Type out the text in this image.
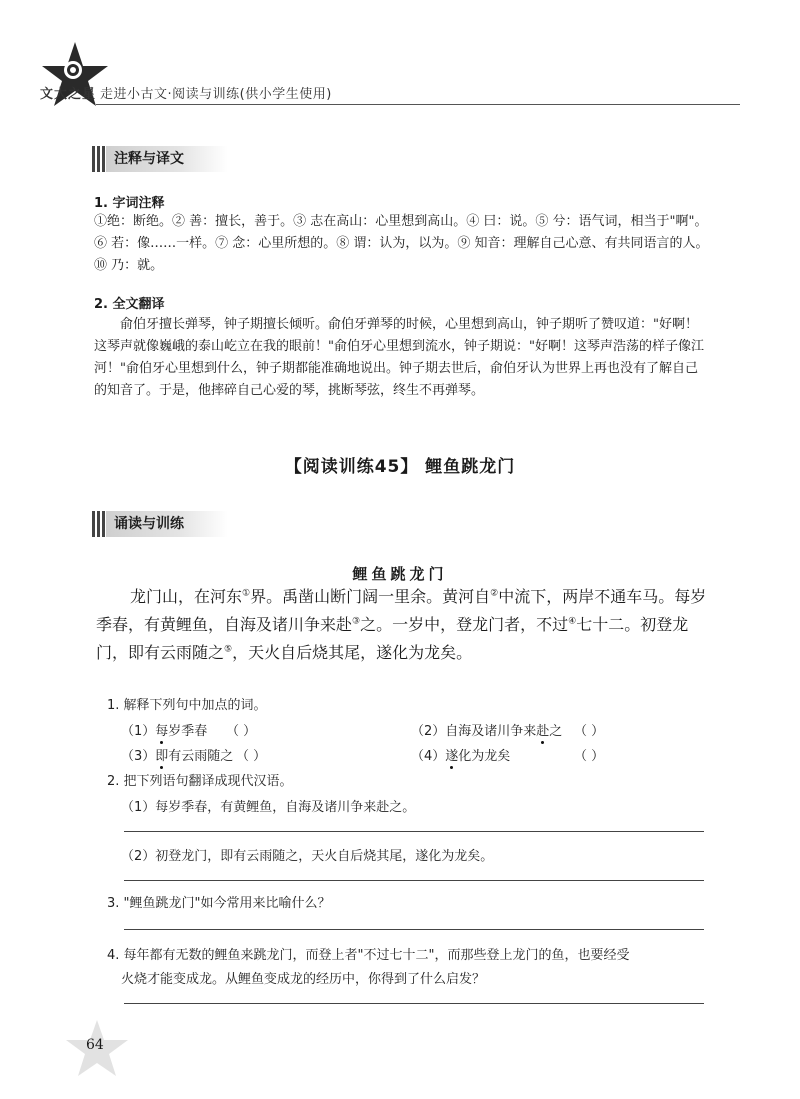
文大之星 走进小古文·阅读与训练(供小学生使用)
注释与译文
1. 字词注释
①绝：断绝。② 善：擅长，善于。③ 志在高山：心里想到高山。④ 曰：说。⑤ 兮：语气词，相当于"啊"。⑥ 若：像……一样。⑦ 念：心里所想的。⑧ 谓：认为，以为。⑨ 知音：理解自己心意、有共同语言的人。⑩ 乃：就。
2. 全文翻译
俞伯牙擅长弹琴，钟子期擅长倾听。俞伯牙弹琴的时候，心里想到高山，钟子期听了赞叹道："好啊！这琴声就像巍峨的泰山屹立在我的眼前！"俞伯牙心里想到流水，钟子期说："好啊！这琴声浩荡的样子像江河！"俞伯牙心里想到什么，钟子期都能准确地说出。钟子期去世后，俞伯牙认为世界上再也没有了解自己的知音了。于是，他摔碎自己心爱的琴，挑断琴弦，终生不再弹琴。
【阅读训练45】 鲤鱼跳龙门
诵读与训练
鲤鱼跳龙门
龙门山，在河东①界。禹凿山断门阔一里余。黄河自②中流下，两岸不通车马。每岁季春，有黄鲤鱼，自海及诸川争来赴③之。一岁中，登龙门者，不过④七十二。初登龙门，即有云雨随之⑤，天火自后烧其尾，遂化为龙矣。
1. 解释下列句中加点的词。
（1）每岁季春 （ ）	（2）自海及诸川争来赴之 （ ）
（3）即有云雨随之 （ ）	（4）遂化为龙矣	（ ）
2. 把下列语句翻译成现代汉语。
（1）每岁季春，有黄鲤鱼，自海及诸川争来赴之。
（2）初登龙门，即有云雨随之，天火自后烧其尾，遂化为龙矣。
3. "鲤鱼跳龙门"如今常用来比喻什么？
4. 每年都有无数的鲤鱼来跳龙门，而登上者"不过七十二"，而那些登上龙门的鱼，也要经受
火烧才能变成龙。从鲤鱼变成龙的经历中，你得到了什么启发？
64
